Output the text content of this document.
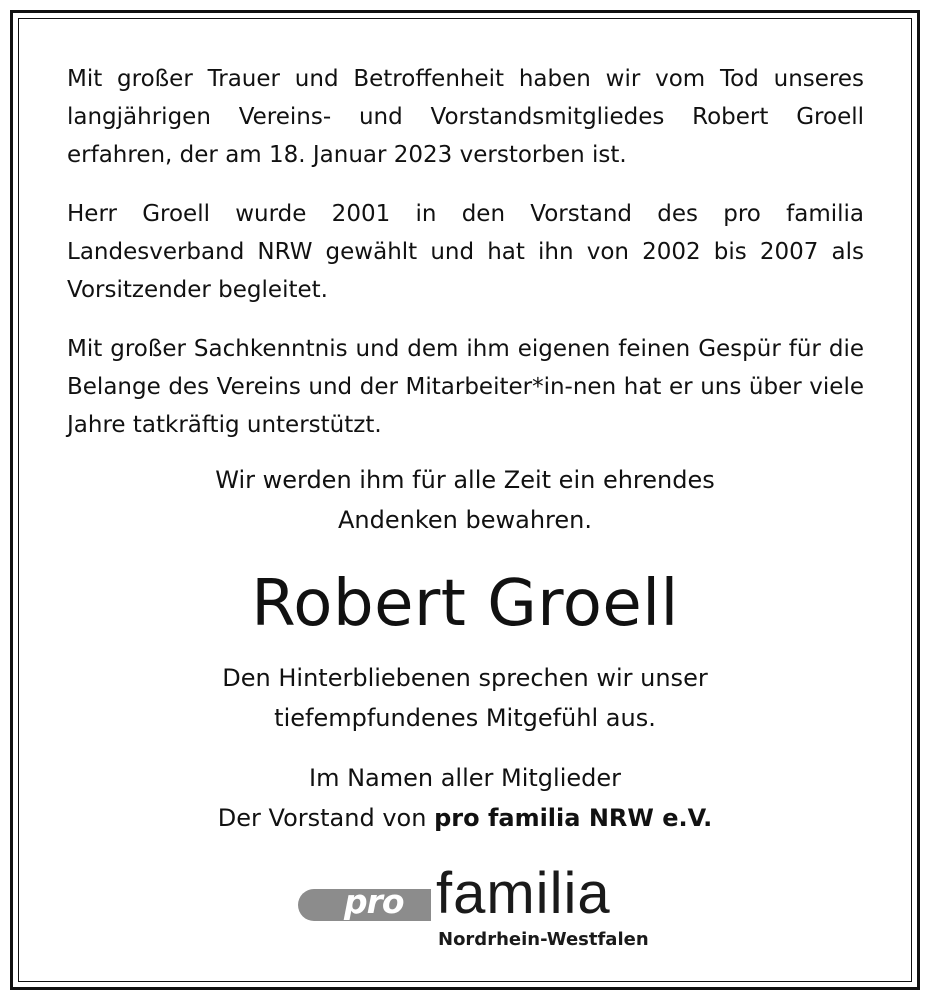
Mit großer Trauer und Betroffenheit haben wir vom Tod unseres langjährigen Vereins- und Vorstandsmitgliedes Robert Groell erfahren, der am 18. Januar 2023 verstorben ist.

Herr Groell wurde 2001 in den Vorstand des pro familia Landesverband NRW gewählt und hat ihn von 2002 bis 2007 als Vorsitzender begleitet.

Mit großer Sachkenntnis und dem ihm eigenen feinen Gespür für die Belange des Vereins und der Mitarbeiter*in-nen hat er uns über viele Jahre tatkräftig unterstützt.

Wir werden ihm für alle Zeit ein ehrendes
Andenken bewahren.
Robert Groell
Den Hinterbliebenen sprechen wir unser
tiefempfundenes Mitgefühl aus.
Im Namen aller Mitglieder
Der Vorstand von pro familia NRW e.V.
pro familia
Nordrhein-Westfalen
